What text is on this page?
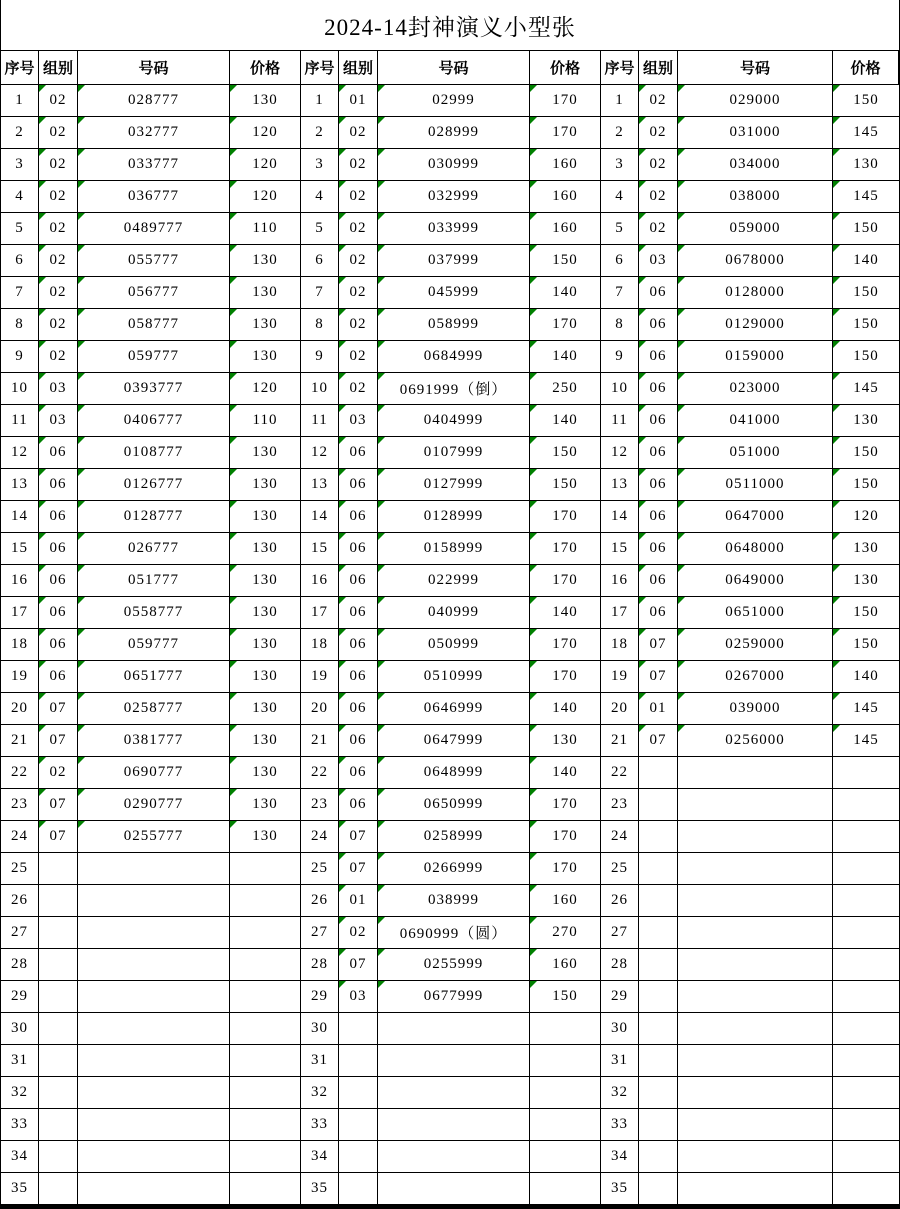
2024-14封神演义小型张
序号 组别	号码	价格
1	02	028777	130
2	02	032777	120
3	02	033777	120
4	02	036777	120
5	02	0489777	110
6	02	055777	130
7	02	056777	130
8	02	058777	130
9	02	059777	130
10	03	0393777	120
11	03	0406777	110
12	06	0108777	130
13	06	0126777	130
14	06	0128777	130
15	06	026777	130
16	06	051777	130
17	06	0558777	130
18	06	059777	130
19	06	0651777	130
20	07	0258777	130
21	07	0381777	130
22	02	0690777	130
23	07	0290777	130
24	07	0255777	130
25
26
27
28
29
30
31
32
33
34
35
序号 组别	号码	价格
1	01	02999	170
2	02	028999	170
3	02	030999	160
4	02	032999	160
5	02	033999	160
6	02	037999	150
7	02	045999	140
8	02	058999	170
9	02	0684999	140
10	02	0691999（倒）	250
11	03	0404999	140
12	06	0107999	150
13	06	0127999	150
14	06	0128999	170
15	06	0158999	170
16	06	022999	170
17	06	040999	140
18	06	050999	170
19	06	0510999	170
20	06	0646999	140
21	06	0647999	130
22	06	0648999	140
23	06	0650999	170
24	07	0258999	170
25	07	0266999	170
26	01	038999	160
27	02	0690999（圆）	270
28	07	0255999	160
29	03	0677999	150
30
31
32
33
34
35
序号 组别	号码	价格
1	02	029000	150
2	02	031000	145
3	02	034000	130
4	02	038000	145
5	02	059000	150
6	03	0678000	140
7	06	0128000	150
8	06	0129000	150
9	06	0159000	150
10	06	023000	145
11	06	041000	130
12	06	051000	150
13	06	0511000	150
14	06	0647000	120
15	06	0648000	130
16	06	0649000	130
17	06	0651000	150
18	07	0259000	150
19	07	0267000	140
20	01	039000	145
21	07	0256000	145
22
23
24
25
26
27
28
29
30
31
32
33
34
35
